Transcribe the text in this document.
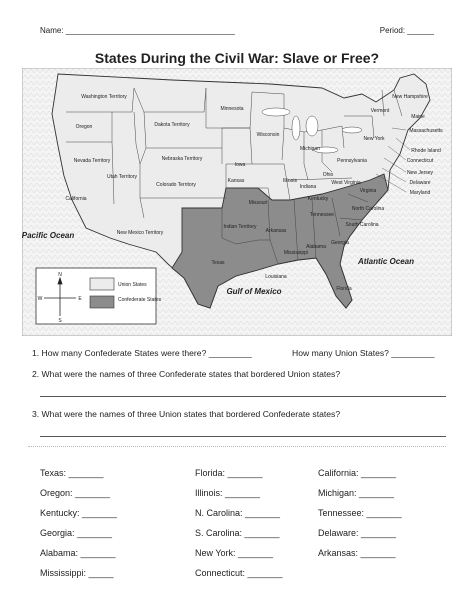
Name: ______________________________________	Period: ______
States During the Civil War: Slave or Free?
Washington Territory
Oregon	Dakota Territory
Minnesota
Wisconsin
Michigan
Nebraska Territory
Iowa
Illinois
Indiana
Ohio
Nevada Territory
Utah Territory
Colorado Territory
Kansas
Missouri
Kentucky
California
New Mexico Territory
Indian Territory
Arkansas
Tennessee
North Carolina
South Carolina
Georgia
Alabama
Mississippi
Louisiana
Texas
Florida
Virginia
West Virginia
Pennsylvania
New York
Vermont
New Hampshire
Maine
Massachusetts
Rhode Island
Connecticut
New Jersey
Delaware
Maryland
Pacific Ocean
Atlantic Ocean
Gulf of Mexico
Union States
Confederate States
N
S
E
W
1. How many Confederate States were there? _________	How many Union States? _________
2. What were the names of three Confederate states that bordered Union states?
3. What were the names of three Union states that bordered Confederate states?
Texas: _______	Florida: _______	California: _______
Oregon: _______	Illinois: _______	Michigan: _______
Kentucky: _______	N. Carolina: _______	Tennessee: _______
Georgia: _______	S. Carolina: _______	Delaware: _______
Alabama: _______	New York: _______	Arkansas: _______
Mississippi: _____	Connecticut: _______
